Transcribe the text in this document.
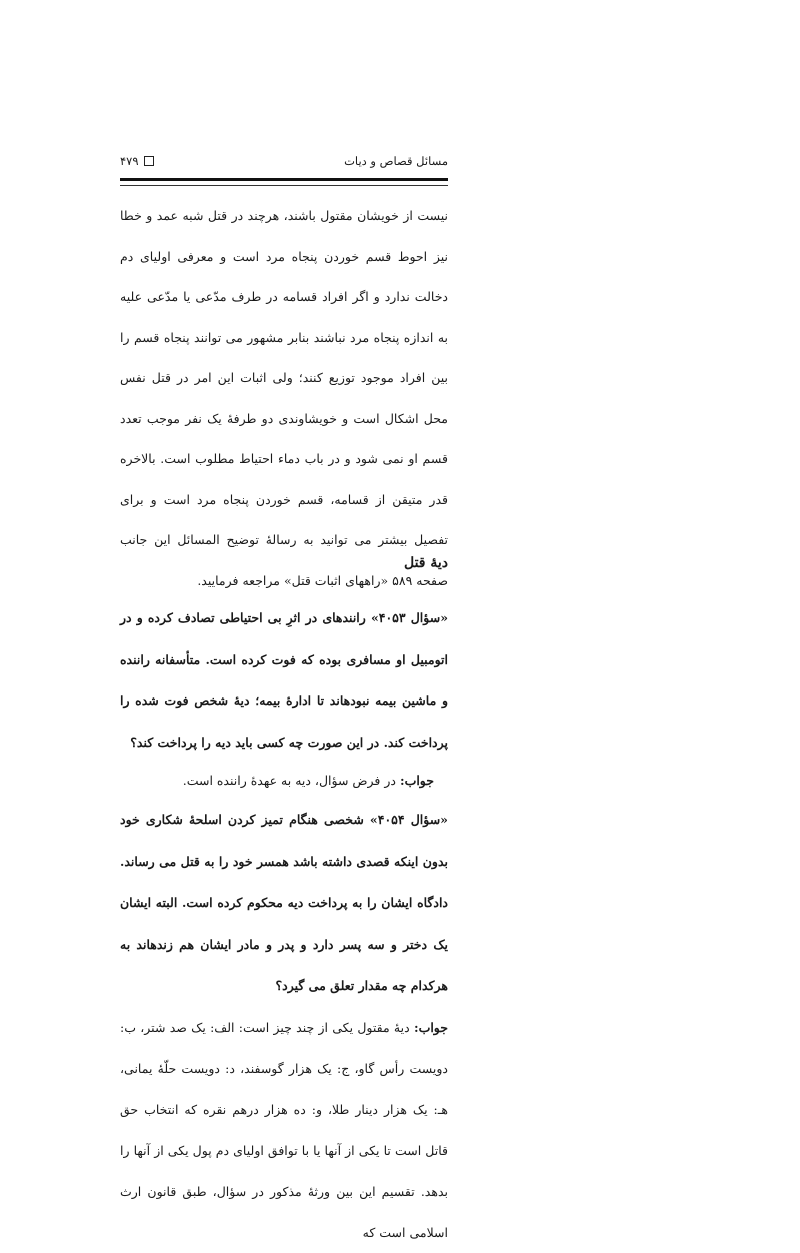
۴۷۹	مسائل قصاص و دیات

نیست از خویشان مقتول باشند، هرچند در قتل شبه عمد و خطا نیز احوط قسم خوردن پنجاه مرد است و معرفی اولیای دم دخالت ندارد و اگر افراد قسامه در طرف مدّعی یا مدّعی علیه به اندازه پنجاه مرد نباشند بنابر مشهور می توانند پنجاه قسم را بین افراد موجود توزیع کنند؛ ولی اثبات این امر در قتل نفس محل اشکال است و خویشاوندی دو طرفهٔ یک نفر موجب تعدد قسم او نمی شود و در باب دماء احتیاط مطلوب است. بالاخره قدر متیقن از قسامه، قسم خوردن پنجاه مرد است و برای تفصیل بیشتر می توانید به رسالهٔ توضیح المسائل این جانب صفحه ۵۸۹ «راههای اثبات قتل» مراجعه فرمایید.

دیهٔ قتل

«سؤال ۴۰۵۳» رانندهای در اثرِ بی احتیاطی تصادف کرده و در اتومبیل او مسافری بوده که فوت کرده است. متأسفانه راننده و ماشین بیمه نبودهاند تا ادارهٔ بیمه؛ دیهٔ شخص فوت شده را پرداخت کند. در این صورت چه کسی باید دیه را پرداخت کند؟

جواب: در فرض سؤال، دیه به عهدهٔ راننده است.

«سؤال ۴۰۵۴» شخصی هنگام تمیز کردن اسلحهٔ شکاری خود بدون اینکه قصدی داشته باشد همسر خود را به قتل می رساند. دادگاه ایشان را به پرداخت دیه محکوم کرده است. البته ایشان یک دختر و سه پسر دارد و پدر و مادر ایشان هم زندهاند به هرکدام چه مقدار تعلق می گیرد؟

جواب: دیهٔ مقتول یکی از چند چیز است: الف: یک صد شتر، ب: دویست رأس گاو، ج: یک هزار گوسفند، د: دویست حلّهٔ یمانی، هـ: یک هزار دینار طلا، و: ده هزار درهم نقره که انتخاب حق قاتل است تا یکی از آنها یا با توافق اولیای دم پول یکی از آنها را بدهد. تقسیم این بین ورثهٔ مذکور در سؤال، طبق قانون ارث اسلامی است که
